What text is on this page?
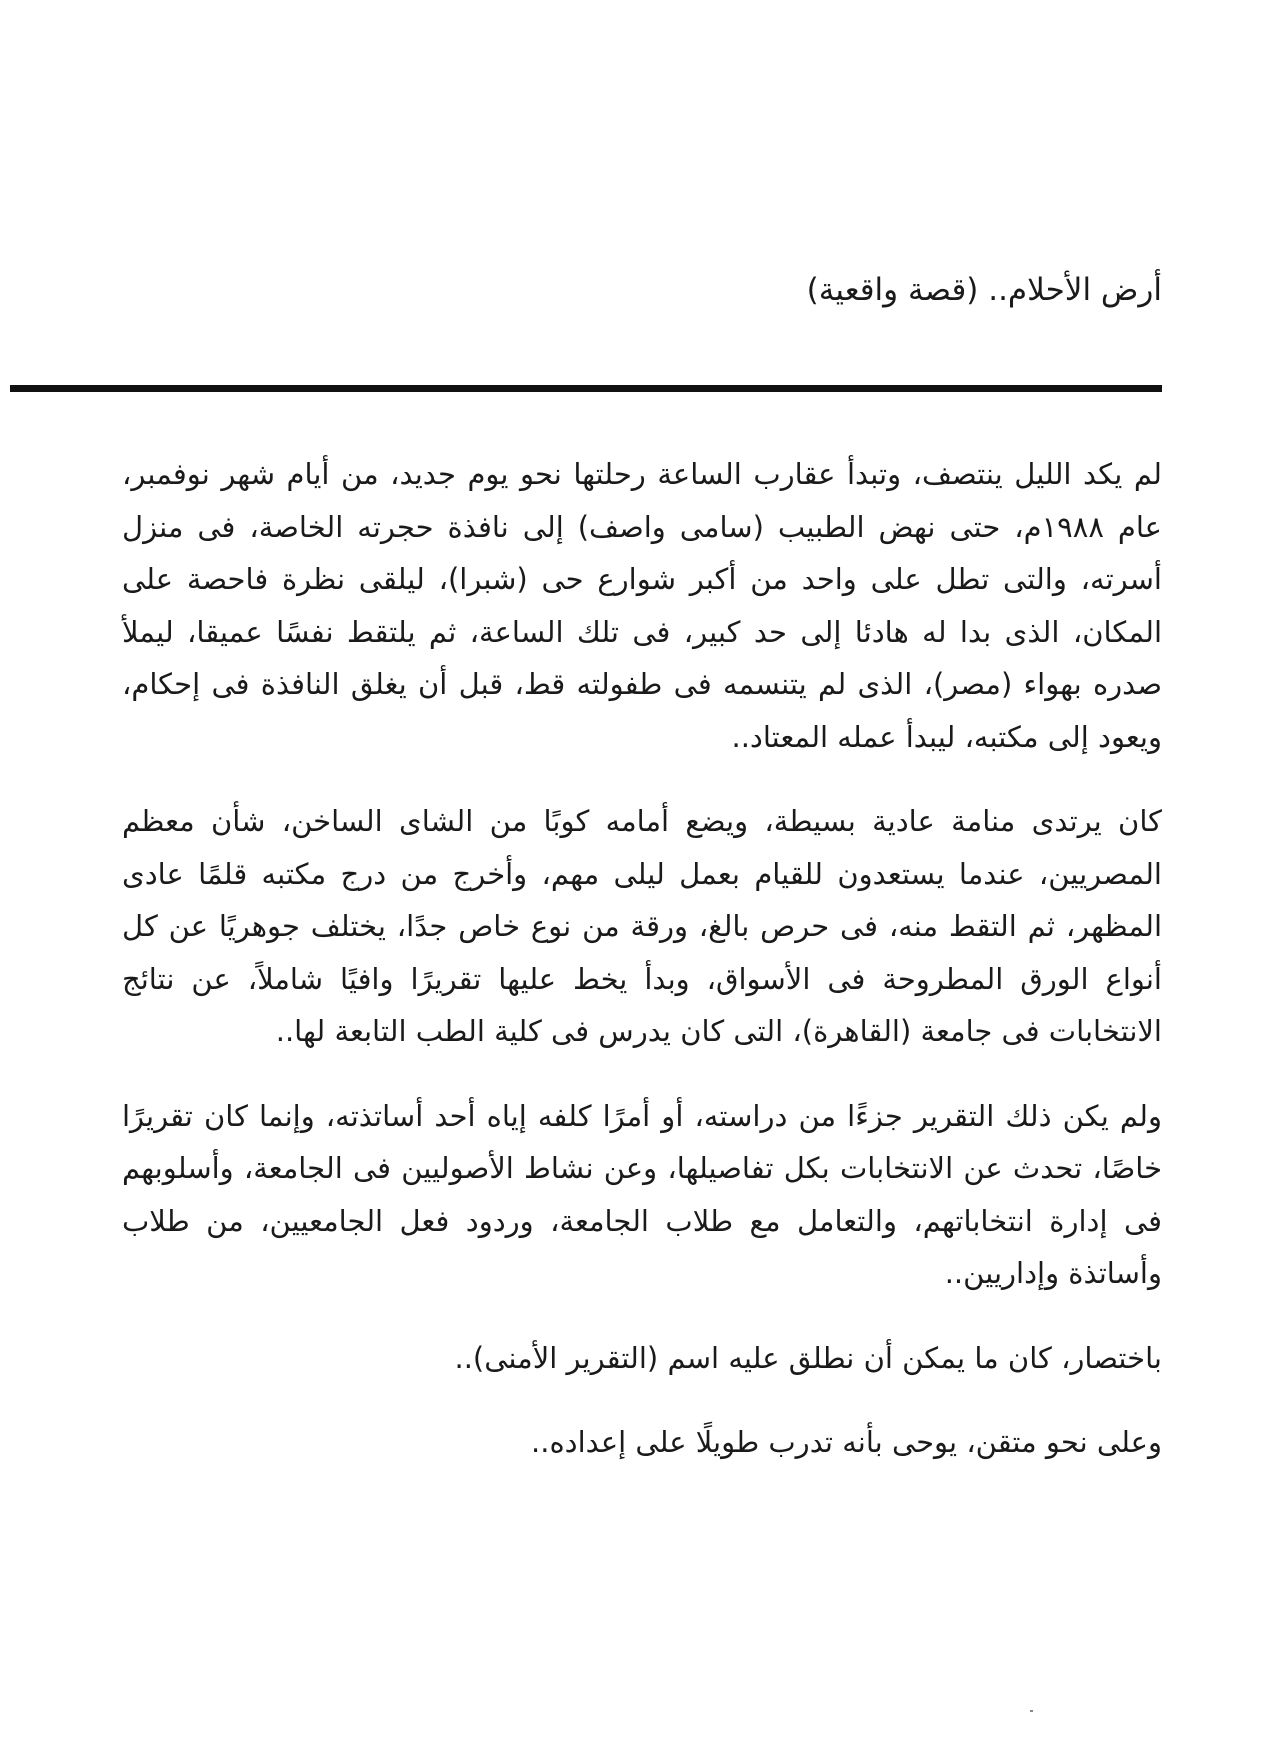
أرض الأحلام.. (قصة واقعية)

لم يكد الليل ينتصف، وتبدأ عقارب الساعة رحلتها نحو يوم جديد، من أيام شهر نوفمبر، عام ١٩٨٨م، حتى نهض الطبيب (سامى واصف) إلى نافذة حجرته الخاصة، فى منزل أسرته، والتى تطل على واحد من أكبر شوارع حى (شبرا)، ليلقى نظرة فاحصة على المكان، الذى بدا له هادئا إلى حد كبير، فى تلك الساعة، ثم يلتقط نفسًا عميقا، ليملأ صدره بهواء (مصر)، الذى لم يتنسمه فى طفولته قط، قبل أن يغلق النافذة فى إحكام، ويعود إلى مكتبه، ليبدأ عمله المعتاد..

كان يرتدى منامة عادية بسيطة، ويضع أمامه كوبًا من الشاى الساخن، شأن معظم المصريين، عندما يستعدون للقيام بعمل ليلى مهم، وأخرج من درج مكتبه قلمًا عادى المظهر، ثم التقط منه، فى حرص بالغ، ورقة من نوع خاص جدًا، يختلف جوهريًا عن كل أنواع الورق المطروحة فى الأسواق، وبدأ يخط عليها تقريرًا وافيًا شاملاً، عن نتائج الانتخابات فى جامعة (القاهرة)، التى كان يدرس فى كلية الطب التابعة لها..

ولم يكن ذلك التقرير جزءًا من دراسته، أو أمرًا كلفه إياه أحد أساتذته، وإنما كان تقريرًا خاصًا، تحدث عن الانتخابات بكل تفاصيلها، وعن نشاط الأصوليين فى الجامعة، وأسلوبهم فى إدارة انتخاباتهم، والتعامل مع طلاب الجامعة، وردود فعل الجامعيين، من طلاب وأساتذة وإداريين..

باختصار، كان ما يمكن أن نطلق عليه اسم (التقرير الأمنى)..

وعلى نحو متقن، يوحى بأنه تدرب طويلًا على إعداده..
